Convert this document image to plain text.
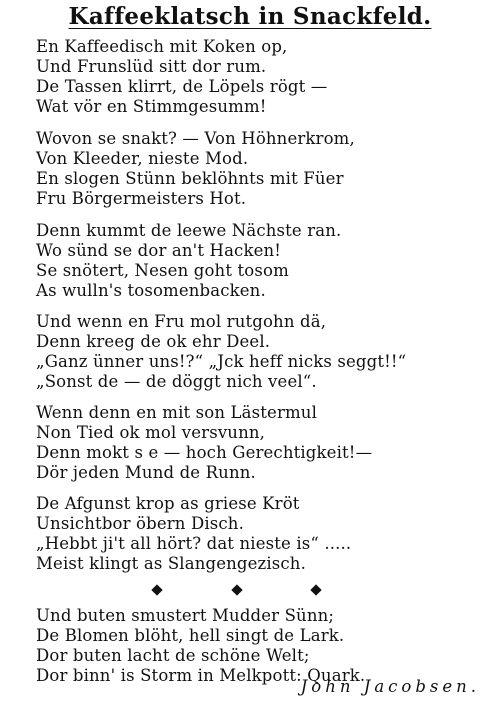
Kaffeeklatsch in Snackfeld.
En Kaffeedisch mit Koken op,
Und Frunslüd sitt dor rum.
De Tassen klirrt, de Löpels rögt —
Wat vör en Stimmgesumm!
Wovon se snakt? — Von Höhnerkrom,
Von Kleeder, nieste Mod.
En slogen Stünn beklöhnts mit Füer
Fru Börgermeisters Hot.
Denn kummt de leewe Nächste ran.
Wo sünd se dor an't Hacken!
Se snötert, Nesen goht tosom
As wulln's tosomenbacken.
Und wenn en Fru mol rutgohn dä,
Denn kreeg de ok ehr Deel.
„Ganz ünner uns!?“ „Jck heff nicks seggt!!“
„Sonst de — de döggt nich veel“.
Wenn denn en mit son Lästermul
Non Tied ok mol versvunn,
Denn mokt s e — hoch Gerechtigkeit!—
Dör jeden Mund de Runn.
De Afgunst krop as griese Kröt
Unsichtbor öbern Disch.
„Hebbt ji't all hört? dat nieste is“ .....
Meist klingt as Slangengezisch.
Und buten smustert Mudder Sünn;
De Blomen blöht, hell singt de Lark.
Dor buten lacht de schöne Welt;
Dor binn' is Storm in Melkpott: Quark.
John Jacobsen.
